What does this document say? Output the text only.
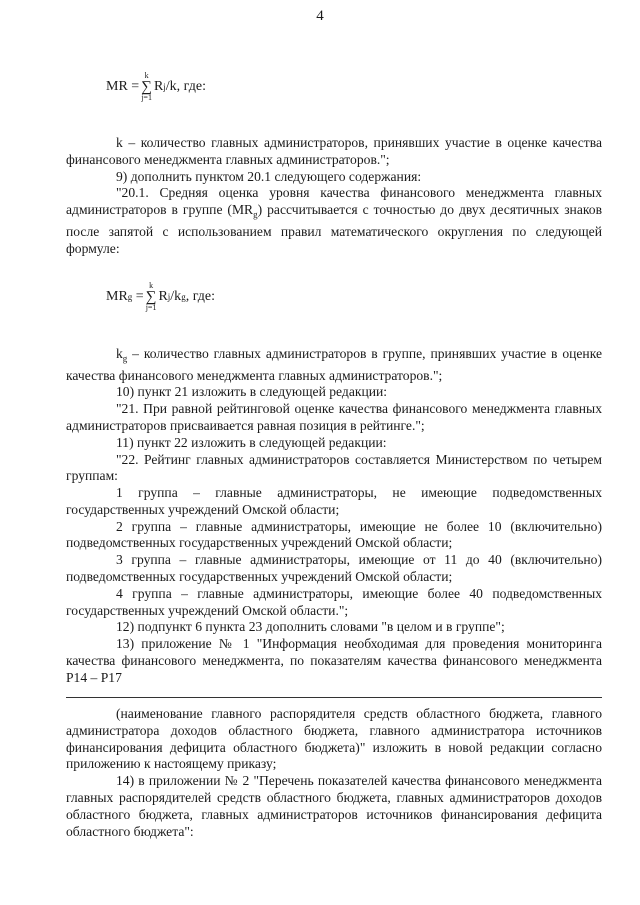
4
MR
=
k
∑
j=1
R j /k, где:

k – количество главных администраторов, принявших участие в оценке качества финансового менеджмента главных администраторов.";

9) дополнить пунктом 20.1 следующего содержания:

"20.1. Средняя оценка уровня качества финансового менеджмента главных администраторов в группе $(MR_g)$ рассчитывается с точностью до двух десятичных знаков после запятой с использованием правил математического округления по следующей формуле:

MR g
=
k
∑
j=1
R j /k g , где:

$k_g$ – количество главных администраторов в группе, принявших участие в оценке качества финансового менеджмента главных администраторов.";

10) пункт 21 изложить в следующей редакции:

"21. При равной рейтинговой оценке качества финансового менеджмента главных администраторов присваивается равная позиция в рейтинге.";

11) пункт 22 изложить в следующей редакции:

"22. Рейтинг главных администраторов составляется Министерством по четырем группам:

1 группа – главные администраторы, не имеющие подведомственных государственных учреждений Омской области;

2 группа – главные администраторы, имеющие не более 10 (включительно) подведомственных государственных учреждений Омской области;

3 группа – главные администраторы, имеющие от 11 до 40 (включительно) подведомственных государственных учреждений Омской области;

4 группа – главные администраторы, имеющие более 40 подведомственных государственных учреждений Омской области.";

12) подпункт 6 пункта 23 дополнить словами "в целом и в группе";

13) приложение № 1 "Информация необходимая для проведения мониторинга качества финансового менеджмента, по показателям качества финансового менеджмента Р14 – Р17

(наименование главного распорядителя средств областного бюджета, главного администратора доходов областного бюджета, главного администратора источников финансирования дефицита областного бюджета)" изложить в новой редакции согласно приложению к настоящему приказу;

14) в приложении № 2 "Перечень показателей качества финансового менеджмента главных распорядителей средств областного бюджета, главных администраторов доходов областного бюджета, главных администраторов источников финансирования дефицита областного бюджета":
